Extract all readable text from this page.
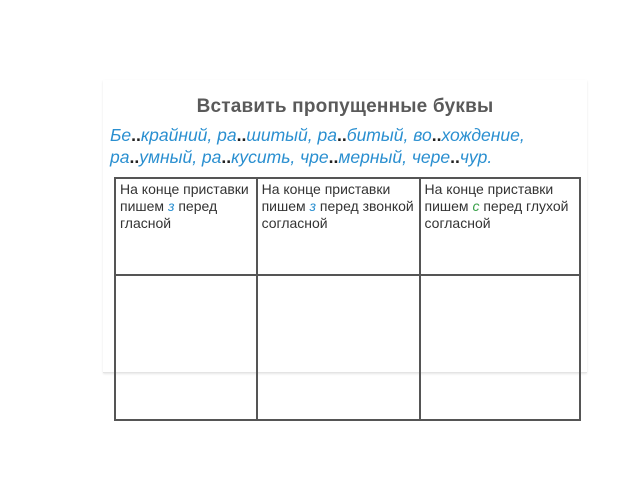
Вставить пропущенные буквы
Бе..крайний, ра..шитый, ра..битый, во..хождение,
ра..умный, ра..кусить, чре..мерный, чере..чур.
На конце приставки пишем з перед гласной	На конце приставки пишем з перед звонкой согласной	На конце приставки пишем с перед глухой согласной
